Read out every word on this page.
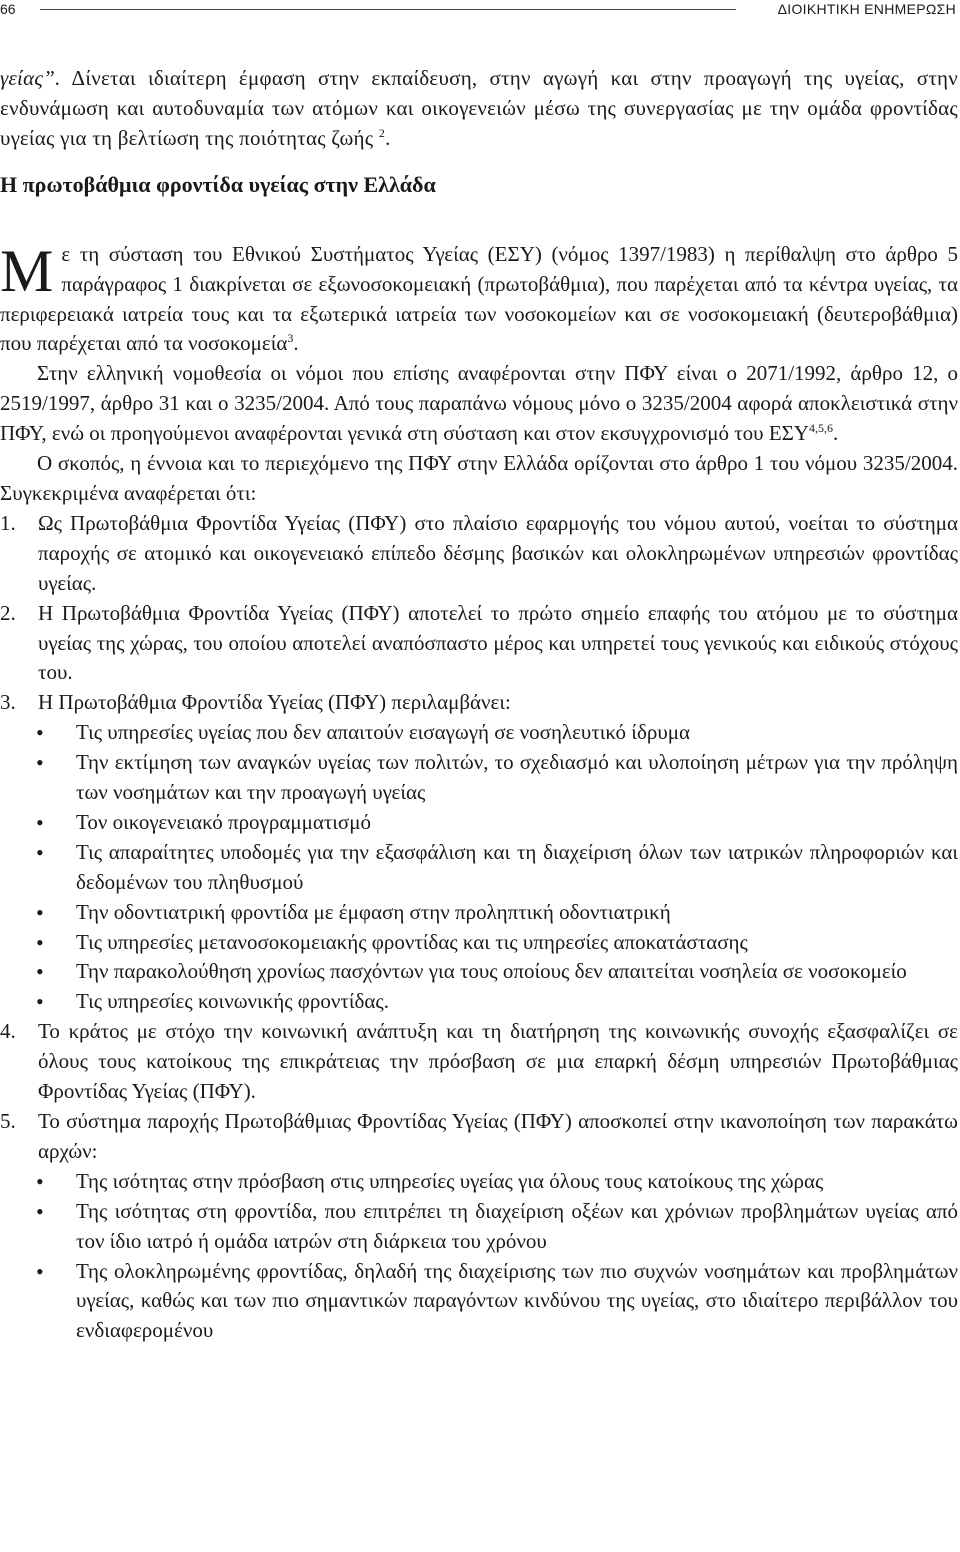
66	ΔΙΟΙΚΗΤΙΚΗ ΕΝΗΜΕΡΩΣΗ

γείας”. Δίνεται ιδιαίτερη έμφαση στην εκπαίδευση, στην αγωγή και στην προαγωγή της υγείας, στην ενδυνάμωση και αυτοδυναμία των ατόμων και οικογενειών μέσω της συνεργασίας με την ομάδα φροντίδας υγείας για τη βελτίωση της ποιότητας ζωής $^2$.

Η πρωτοβάθμια φροντίδα υγείας στην Ελλάδα

Με τη σύσταση του Εθνικού Συστήματος Υγείας (ΕΣΥ) (νόμος 1397/1983) η περίθαλψη στο άρθρο 5 παράγραφος 1 διακρίνεται σε εξωνοσοκομειακή (πρωτοβάθμια), που παρέχεται από τα κέντρα υγείας, τα περιφερειακά ιατρεία τους και τα εξωτερικά ιατρεία των νοσοκομείων και σε νοσοκομειακή (δευτεροβάθμια) που παρέχεται από τα νοσοκομεία$^3$.

Στην ελληνική νομοθεσία οι νόμοι που επίσης αναφέρονται στην ΠΦΥ είναι ο 2071/1992, άρθρο 12, ο 2519/1997, άρθρο 31 και ο 3235/2004. Από τους παραπάνω νόμους μόνο ο 3235/2004 αφορά αποκλειστικά στην ΠΦΥ, ενώ οι προηγούμενοι αναφέρονται γενικά στη σύσταση και στον εκσυγχρονισμό του ΕΣΥ$^{4,5,6}$.

Ο σκοπός, η έννοια και το περιεχόμενο της ΠΦΥ στην Ελλάδα ορίζονται στο άρθρο 1 του νόμου 3235/2004. Συγκεκριμένα αναφέρεται ότι:

1. Ως Πρωτοβάθμια Φροντίδα Υγείας (ΠΦΥ) στο πλαίσιο εφαρμογής του νόμου αυτού, νοείται το σύστημα παροχής σε ατομικό και οικογενειακό επίπεδο δέσμης βασικών και ολοκληρωμένων υπηρεσιών φροντίδας υγείας.

2. Η Πρωτοβάθμια Φροντίδα Υγείας (ΠΦΥ) αποτελεί το πρώτο σημείο επαφής του ατόμου με το σύστημα υγείας της χώρας, του οποίου αποτελεί αναπόσπαστο μέρος και υπηρετεί τους γενικούς και ειδικούς στόχους του.

3. Η Πρωτοβάθμια Φροντίδα Υγείας (ΠΦΥ) περιλαμβάνει:

• Τις υπηρεσίες υγείας που δεν απαιτούν εισαγωγή σε νοσηλευτικό ίδρυμα

• Την εκτίμηση των αναγκών υγείας των πολιτών, το σχεδιασμό και υλοποίηση μέτρων για την πρόληψη των νοσημάτων και την προαγωγή υγείας

• Τον οικογενειακό προγραμματισμό

• Τις απαραίτητες υποδομές για την εξασφάλιση και τη διαχείριση όλων των ιατρικών πληροφοριών και δεδομένων του πληθυσμού

• Την οδοντιατρική φροντίδα με έμφαση στην προληπτική οδοντιατρική

• Τις υπηρεσίες μετανοσοκομειακής φροντίδας και τις υπηρεσίες αποκατάστασης

• Την παρακολούθηση χρονίως πασχόντων για τους οποίους δεν απαιτείται νοσηλεία σε νοσοκομείο

• Τις υπηρεσίες κοινωνικής φροντίδας.

4. Το κράτος με στόχο την κοινωνική ανάπτυξη και τη διατήρηση της κοινωνικής συνοχής εξασφαλίζει σε όλους τους κατοίκους της επικράτειας την πρόσβαση σε μια επαρκή δέσμη υπηρεσιών Πρωτοβάθμιας Φροντίδας Υγείας (ΠΦΥ).

5. Το σύστημα παροχής Πρωτοβάθμιας Φροντίδας Υγείας (ΠΦΥ) αποσκοπεί στην ικανοποίηση των παρακάτω αρχών:

• Της ισότητας στην πρόσβαση στις υπηρεσίες υγείας για όλους τους κατοίκους της χώρας

• Της ισότητας στη φροντίδα, που επιτρέπει τη διαχείριση οξέων και χρόνιων προβλημάτων υγείας από τον ίδιο ιατρό ή ομάδα ιατρών στη διάρκεια του χρόνου

• Της ολοκληρωμένης φροντίδας, δηλαδή της διαχείρισης των πιο συχνών νοσημάτων και προβλημάτων υγείας, καθώς και των πιο σημαντικών παραγόντων κινδύνου της υγείας, στο ιδιαίτερο περιβάλλον του ενδιαφερομένου
